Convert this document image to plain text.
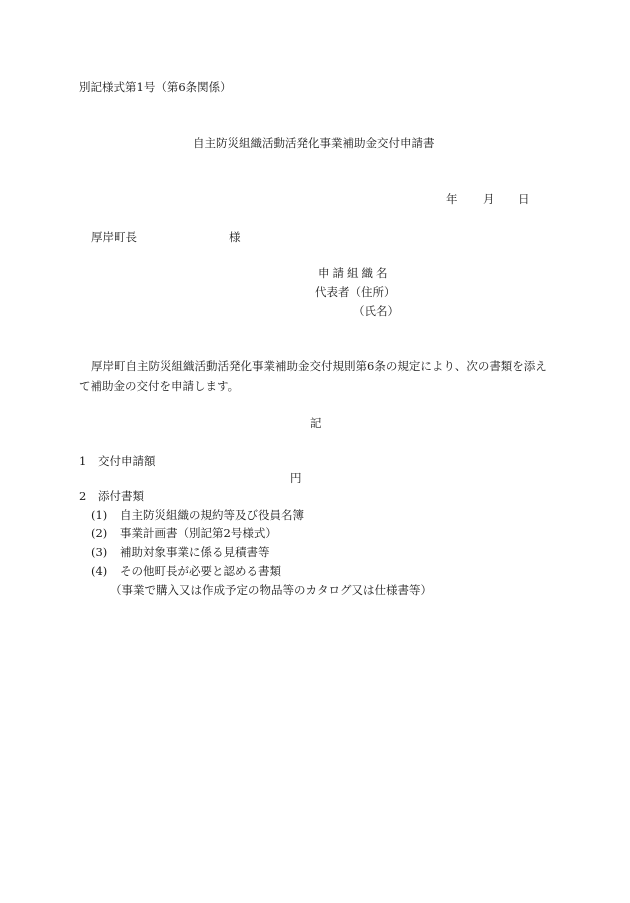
別記様式第1号（第6条関係）

自主防災組織活動活発化事業補助金交付申請書
年 月 日
厚岸町長	様
申請組織名
代表者（住所）
（氏名）
厚岸町自主防災組織活動活発化事業補助金交付規則第6条の規定により、次の書類を添え
て補助金の交付を申請します。
記
1 交付申請額
円
2 添付書類
(1) 自主防災組織の規約等及び役員名簿
(2) 事業計画書（別記第2号様式）
(3) 補助対象事業に係る見積書等
(4) その他町長が必要と認める書類
（事業で購入又は作成予定の物品等のカタログ又は仕様書等）
